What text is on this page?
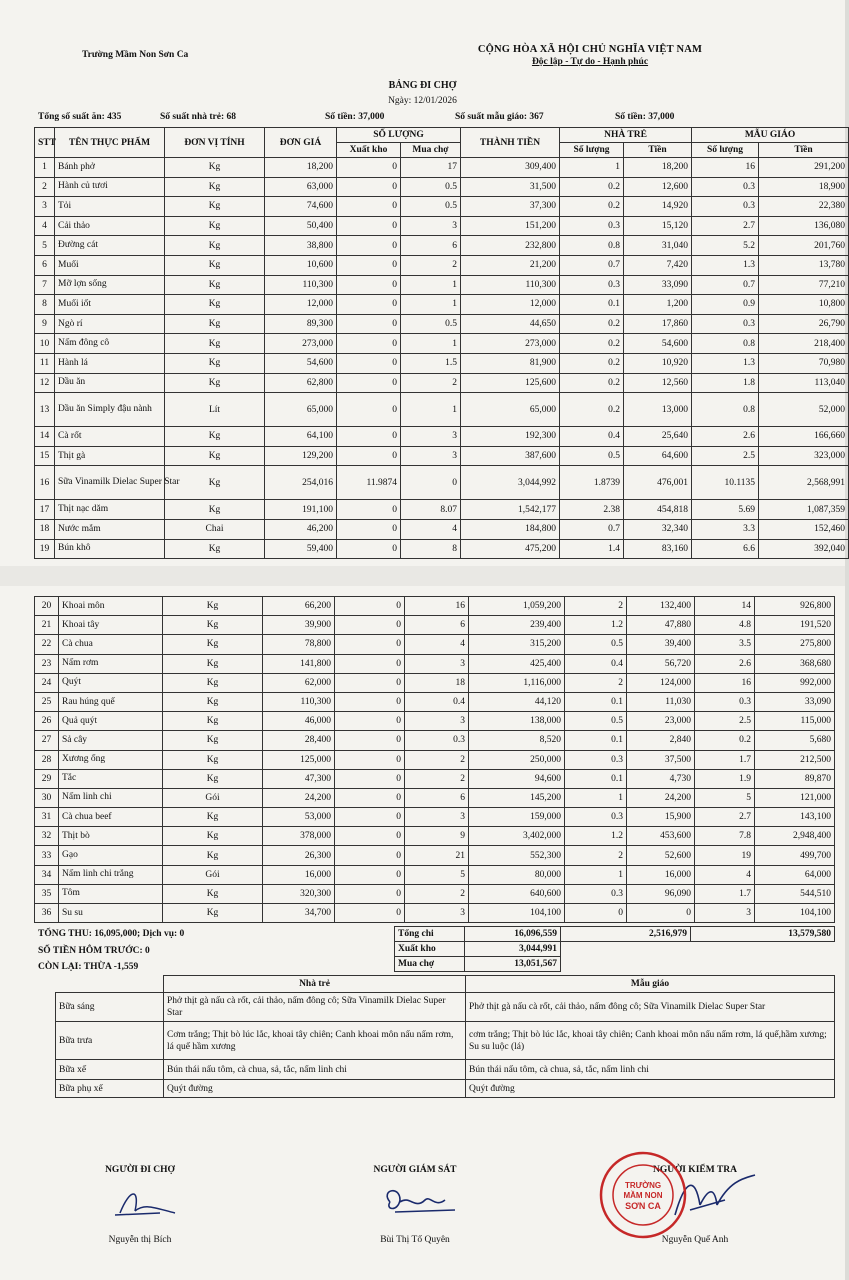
Trường Mầm Non Sơn Ca	CỘNG HÒA XÃ HỘI CHỦ NGHĨA VIỆT NAM
Độc lập - Tự do - Hạnh phúc
BẢNG ĐI CHỢ
Ngày: 12/01/2026
Tổng số suất ăn: 435	Số suất nhà trẻ: 68	Số tiền: 37,000	Số suất mẫu giáo: 367	Số tiền: 37,000
STT	TÊN THỰC PHẨM	ĐƠN VỊ TÍNH	ĐƠN GIÁ	SỐ LƯỢNG		THÀNH TIỀN	NHÀ TRẺ		MẪU GIÁO	
				Xuất kho	Mua chợ		Số lượng	Tiền	Số lượng	Tiền
1	Bánh phở	Kg	18,200	0	17	309,400	1	18,200	16	291,200
2	Hành củ tươi	Kg	63,000	0	0.5	31,500	0.2	12,600	0.3	18,900
3	Tỏi	Kg	74,600	0	0.5	37,300	0.2	14,920	0.3	22,380
4	Cải thảo	Kg	50,400	0	3	151,200	0.3	15,120	2.7	136,080
5	Đường cát	Kg	38,800	0	6	232,800	0.8	31,040	5.2	201,760
6	Muối	Kg	10,600	0	2	21,200	0.7	7,420	1.3	13,780
7	Mỡ lợn sống	Kg	110,300	0	1	110,300	0.3	33,090	0.7	77,210
8	Muối iốt	Kg	12,000	0	1	12,000	0.1	1,200	0.9	10,800
9	Ngò rí	Kg	89,300	0	0.5	44,650	0.2	17,860	0.3	26,790
10	Nấm đông cô	Kg	273,000	0	1	273,000	0.2	54,600	0.8	218,400
11	Hành lá	Kg	54,600	0	1.5	81,900	0.2	10,920	1.3	70,980
12	Dầu ăn	Kg	62,800	0	2	125,600	0.2	12,560	1.8	113,040
13	Dầu ăn Simply đậu nành	Lít	65,000	0	1	65,000	0.2	13,000	0.8	52,000
14	Cà rốt	Kg	64,100	0	3	192,300	0.4	25,640	2.6	166,660
15	Thịt gà	Kg	129,200	0	3	387,600	0.5	64,600	2.5	323,000
16	Sữa Vinamilk Dielac Super Star	Kg	254,016	11.9874	0	3,044,992	1.8739	476,001	10.1135	2,568,991
17	Thịt nạc dăm	Kg	191,100	0	8.07	1,542,177	2.38	454,818	5.69	1,087,359
18	Nước mắm	Chai	46,200	0	4	184,800	0.7	32,340	3.3	152,460
19	Bún khô	Kg	59,400	0	8	475,200	1.4	83,160	6.6	392,040
20	Khoai môn	Kg	66,200	0	16	1,059,200	2	132,400	14	926,800
21	Khoai tây	Kg	39,900	0	6	239,400	1.2	47,880	4.8	191,520
22	Cà chua	Kg	78,800	0	4	315,200	0.5	39,400	3.5	275,800
23	Nấm rơm	Kg	141,800	0	3	425,400	0.4	56,720	2.6	368,680
24	Quýt	Kg	62,000	0	18	1,116,000	2	124,000	16	992,000
25	Rau húng quế	Kg	110,300	0	0.4	44,120	0.1	11,030	0.3	33,090
26	Quả quýt	Kg	46,000	0	3	138,000	0.5	23,000	2.5	115,000
27	Sả cây	Kg	28,400	0	0.3	8,520	0.1	2,840	0.2	5,680
28	Xương ống	Kg	125,000	0	2	250,000	0.3	37,500	1.7	212,500
29	Tắc	Kg	47,300	0	2	94,600	0.1	4,730	1.9	89,870
30	Nấm linh chi	Gói	24,200	0	6	145,200	1	24,200	5	121,000
31	Cà chua beef	Kg	53,000	0	3	159,000	0.3	15,900	2.7	143,100
32	Thịt bò	Kg	378,000	0	9	3,402,000	1.2	453,600	7.8	2,948,400
33	Gạo	Kg	26,300	0	21	552,300	2	52,600	19	499,700
34	Nấm linh chi trắng	Gói	16,000	0	5	80,000	1	16,000	4	64,000
35	Tôm	Kg	320,300	0	2	640,600	0.3	96,090	1.7	544,510
36	Su su	Kg	34,700	0	3	104,100	0	0	3	104,100
TỔNG THU: 16,095,000; Dịch vụ: 0
SỐ TIỀN HÔM TRƯỚC: 0
CÒN LẠI: THỪA -1,559
Tổng chi	16,096,559	2,516,979	13,579,580
Xuất kho	3,044,991		
Mua chợ	13,051,567		
	Nhà trẻ	Mẫu giáo
Bữa sáng	Phở thịt gà nấu cà rốt, cải thảo, nấm đông cô; Sữa Vinamilk Dielac Super Star	Phở thịt gà nấu cà rốt, cải thảo, nấm đông cô; Sữa Vinamilk Dielac Super Star
Bữa trưa	Cơm trắng; Thịt bò lúc lắc, khoai tây chiên; Canh khoai môn nấu nấm rơm, lá quế hầm xương	cơm trắng; Thịt bò lúc lắc, khoai tây chiên; Canh khoai môn nấu nấm rơm, lá quế,hầm xương; Su su luộc (lá)
Bữa xế	Bún thái nấu tôm, cà chua, sả, tắc, nấm linh chi	Bún thái nấu tôm, cà chua, sả, tắc, nấm linh chi
Bữa phụ xế	Quýt đường	Quýt đường
NGƯỜI ĐI CHỢ
Nguyễn thị Bích
NGƯỜI GIÁM SÁT
Bùi Thị Tố Quyên
NGƯỜI KIỂM TRA
Nguyễn Quế Anh
TRƯỜNG
MẦM NON
SƠN CA
